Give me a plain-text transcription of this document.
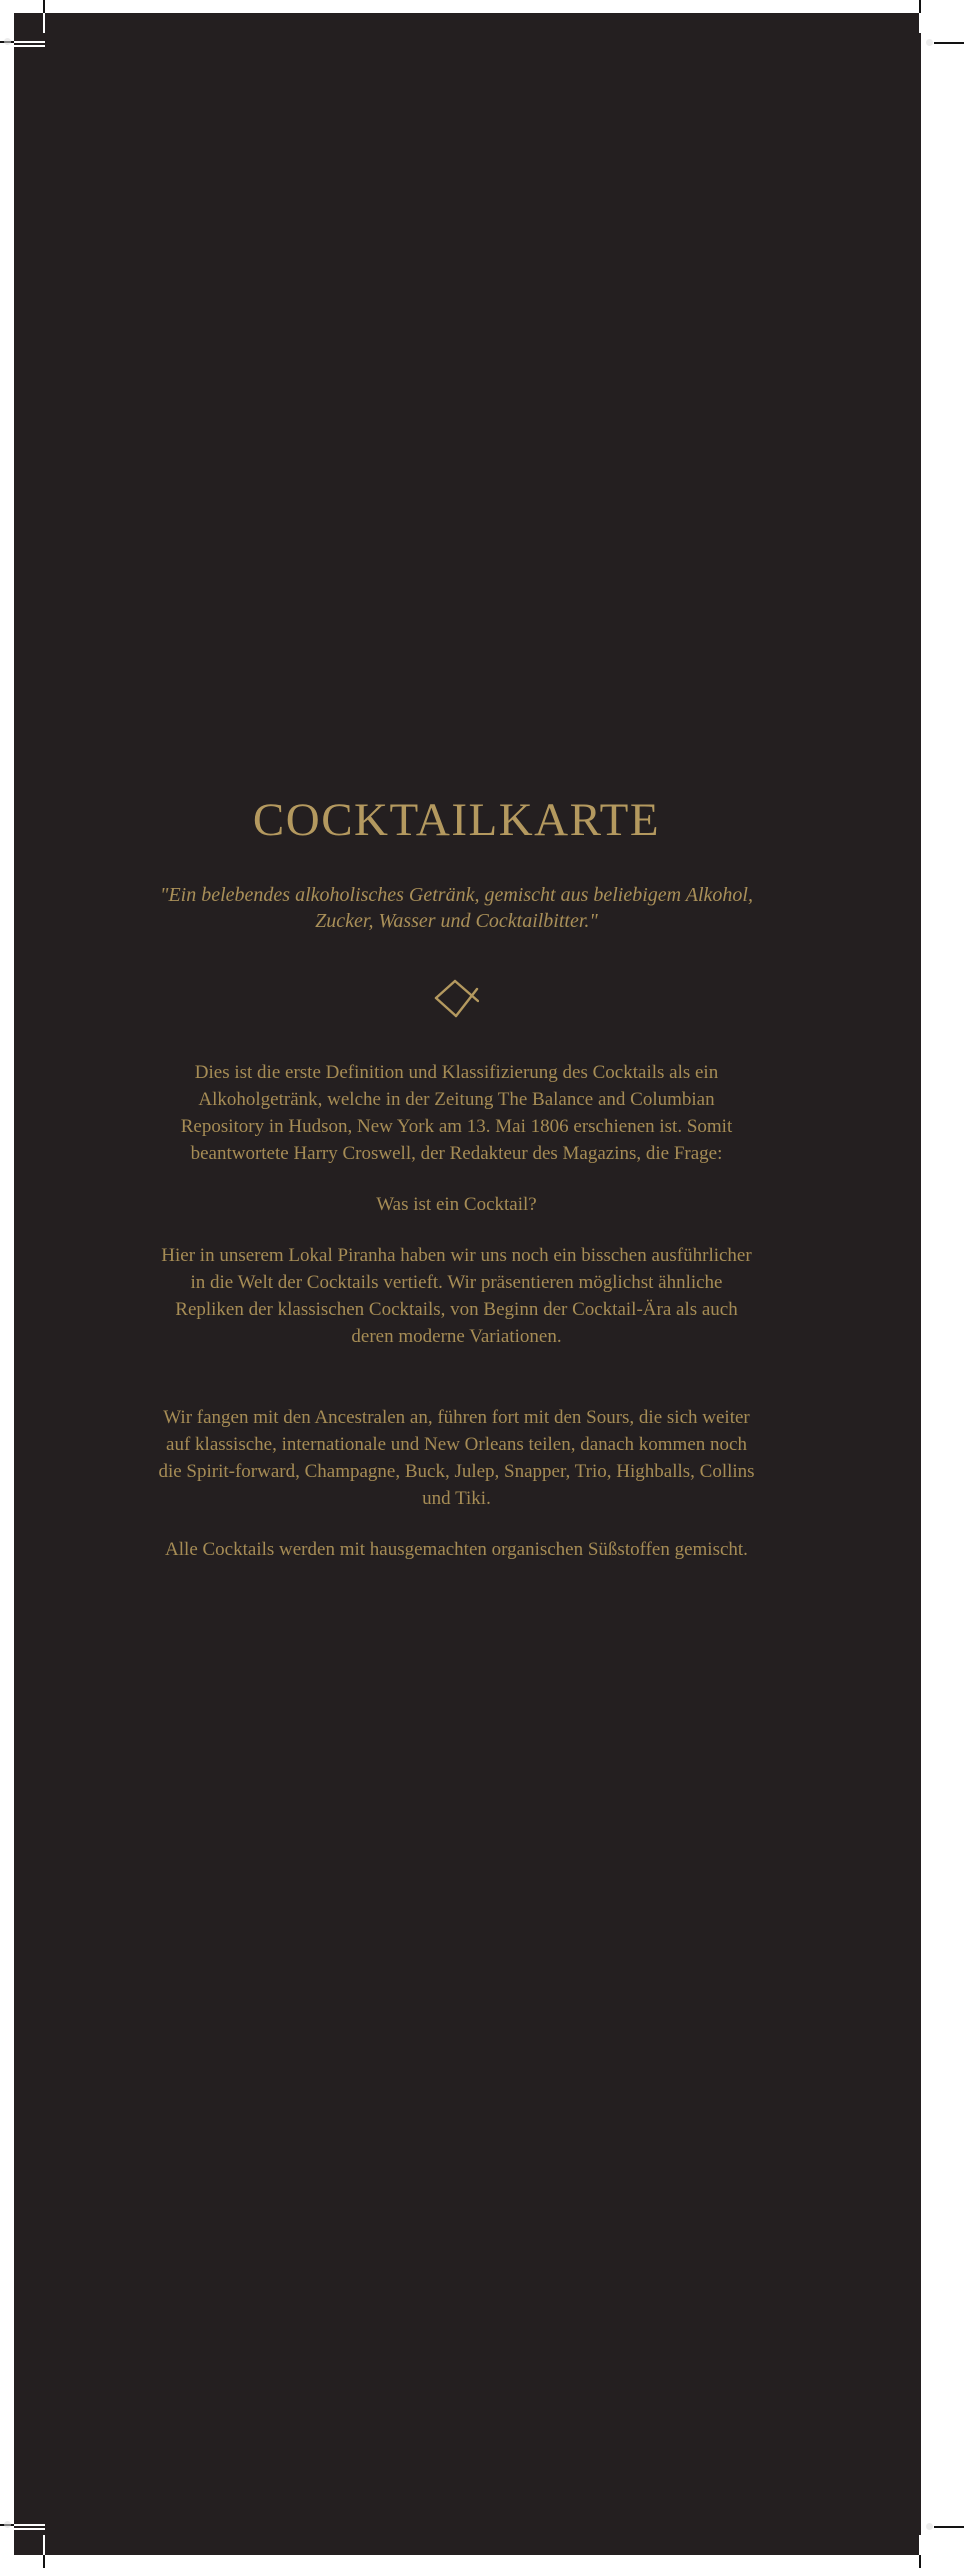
COCKTAILKARTE
"Ein belebendes alkoholisches Getränk, gemischt aus beliebigem Alkohol,
Zucker, Wasser und Cocktailbitter."
Dies ist die erste Definition und Klassifizierung des Cocktails als ein
Alkoholgetränk, welche in der Zeitung The Balance and Columbian
Repository in Hudson, New York am 13. Mai 1806 erschienen ist. Somit
beantwortete Harry Croswell, der Redakteur des Magazins, die Frage:
Was ist ein Cocktail?
Hier in unserem Lokal Piranha haben wir uns noch ein bisschen ausführlicher
in die Welt der Cocktails vertieft. Wir präsentieren möglichst ähnliche
Repliken der klassischen Cocktails, von Beginn der Cocktail-Ära als auch
deren moderne Variationen.
Wir fangen mit den Ancestralen an, führen fort mit den Sours, die sich weiter
auf klassische, internationale und New Orleans teilen, danach kommen noch
die Spirit-forward, Champagne, Buck, Julep, Snapper, Trio, Highballs, Collins
und Tiki.
Alle Cocktails werden mit hausgemachten organischen Süßstoffen gemischt.
